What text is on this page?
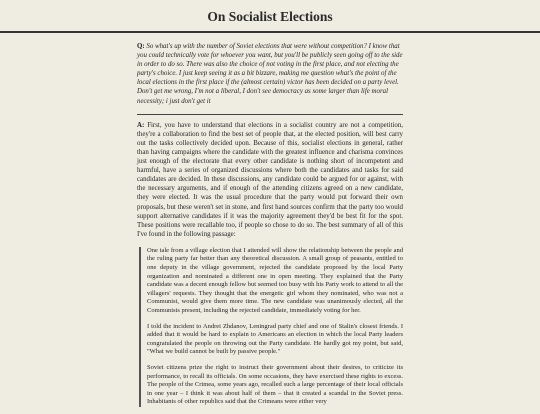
On Socialist Elections

Q: So what's up with the number of Soviet elections that were without competition? I know that you could technically vote for whoever you want, but you'll be publicly seen going off to the side in order to do so. There was also the choice of not voting in the first place, and not electing the party's choice. I just keep seeing it as a bit bizzare, making me question what's the point of the local elections in the first place if the (almost certain) victor has been decided on a party level. Don't get me wrong, I'm not a liberal, I don't see democracy as some larger than life moral necessity; i just don't get it

A: First, you have to understand that elections in a socialist country are not a competition, they're a collaboration to find the best set of people that, at the elected position, will best carry out the tasks collectively decided upon. Because of this, socialist elections in general, rather than having campaigns where the candidate with the greatest influence and charisma convinces just enough of the electorate that every other candidate is nothing short of incompetent and harmful, have a series of organized discussions where both the candidates and tasks for said candidates are decided. In these discussions, any candidate could be argued for or against, with the necessary arguments, and if enough of the attending citizens agreed on a new candidate, they were elected. It was the usual procedure that the party would put forward their own proposals, but these weren't set in stone, and first hand sources confirm that the party too would support alternative candidates if it was the majority agreement they'd be best fit for the spot. These positions were recallable too, if people so chose to do so. The best summary of all of this I've found in the following passage:

One tale from a village election that I attended will show the relationship between the people and the ruling party far better than any theoretical discussion. A small group of peasants, entitled to one deputy in the village government, rejected the candidate proposed by the local Party organization and nominated a different one in open meeting. They explained that the Party candidate was a decent enough fellow but seemed too busy with his Party work to attend to all the villagers' requests. They thought that the energetic girl whom they nominated, who was not a Communist, would give them more time. The new candidate was unanimously elected, all the Communists present, including the rejected candidate, immediately voting for her.

I told the incident to Andrei Zhdanov, Leningrad party chief and one of Stalin's closest friends. I added that it would be hard to explain to Americans an election in which the local Party leaders congratulated the people on throwing out the Party candidate. He hardly got my point, but said, "What we build cannot be built by passive people."

Soviet citizens prize the right to instruct their government about their desires, to criticize its performance, to recall its officials. On some occasions, they have exercised these rights to excess. The people of the Crimea, some years ago, recalled such a large percentage of their local officials in one year – I think it was about half of them – that it created a scandal in the Soviet press. Inhabitants of other republics said that the Crimeans were either very
